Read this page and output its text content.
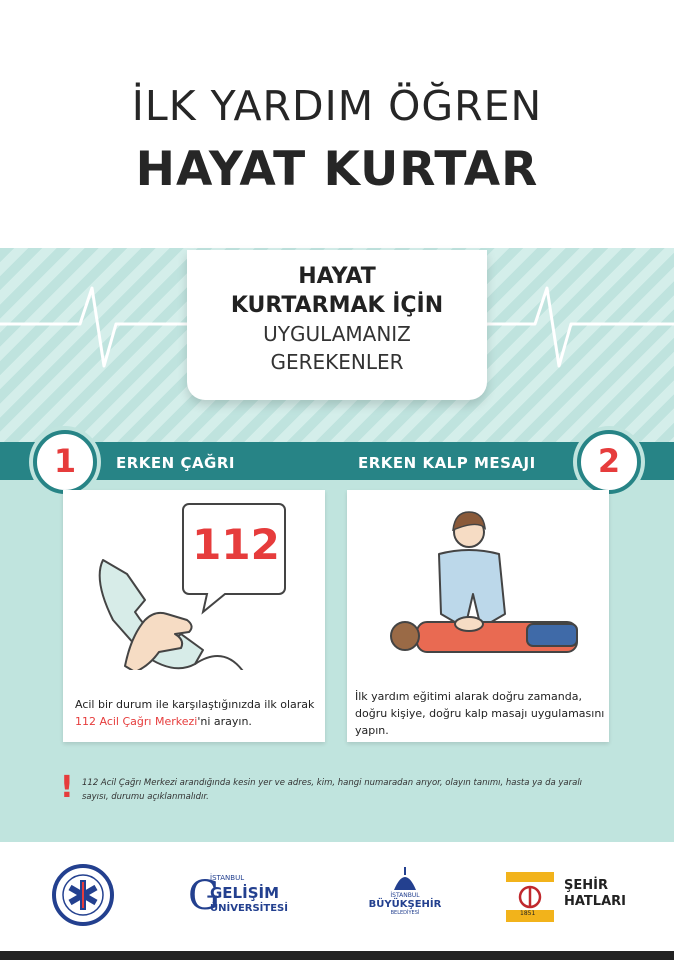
İLK YARDIM ÖĞREN
HAYAT KURTAR
HAYAT
KURTARMAK İÇİN
UYGULAMANIZ
GEREKENLER
ERKEN ÇAĞRI	ERKEN KALP MESAJI
1	2
112
Acil bir durum ile karşılaştığınızda ilk olarak
112 Acil Çağrı Merkezi'ni arayın.
İlk yardım eğitimi alarak doğru zamanda,
doğru kişiye, doğru kalp masajı uygulamasını
yapın.
! 112 Acil Çağrı Merkezi arandığında kesin yer ve adres, kim, hangi numaradan arıyor, olayın tanımı, hasta ya da yaralı sayısı, durumu açıklanmalıdır.
G
İSTANBUL
GELİŞİM
ÜNİVERSİTESİ
İSTANBUL
BÜYÜKŞEHİR
BELEDİYESİ	1851
ŞEHİR
HATLARI
